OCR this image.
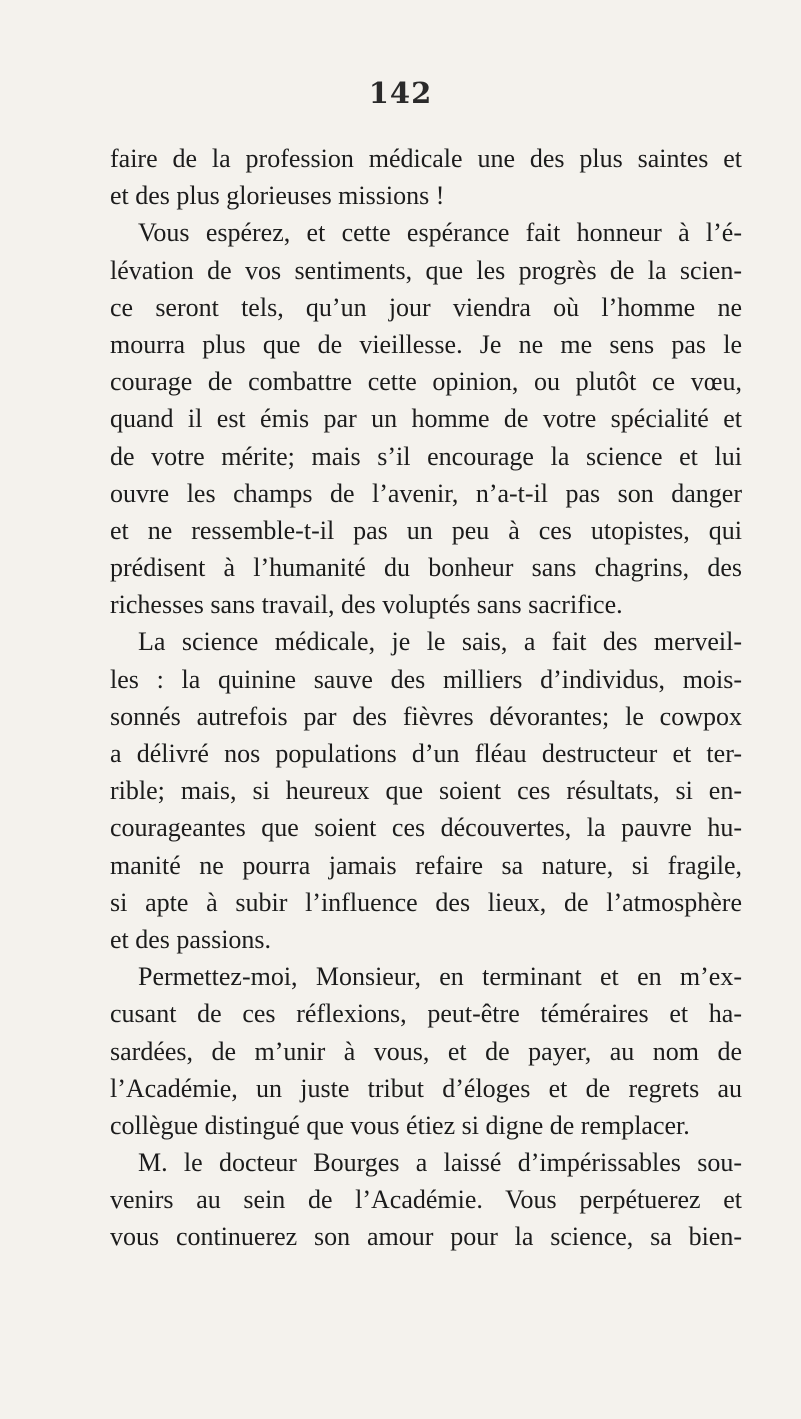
142
faire de la profession médicale une des plus saintes et
et des plus glorieuses missions !
Vous espérez, et cette espérance fait honneur à l’é-
lévation de vos sentiments, que les progrès de la scien-
ce seront tels, qu’un jour viendra où l’homme ne
mourra plus que de vieillesse. Je ne me sens pas le
courage de combattre cette opinion, ou plutôt ce vœu,
quand il est émis par un homme de votre spécialité et
de votre mérite; mais s’il encourage la science et lui
ouvre les champs de l’avenir, n’a-t-il pas son danger
et ne ressemble-t-il pas un peu à ces utopistes, qui
prédisent à l’humanité du bonheur sans chagrins, des
richesses sans travail, des voluptés sans sacrifice.
La science médicale, je le sais, a fait des merveil-
les : la quinine sauve des milliers d’individus, mois-
sonnés autrefois par des fièvres dévorantes; le cowpox
a délivré nos populations d’un fléau destructeur et ter-
rible; mais, si heureux que soient ces résultats, si en-
courageantes que soient ces découvertes, la pauvre hu-
manité ne pourra jamais refaire sa nature, si fragile,
si apte à subir l’influence des lieux, de l’atmosphère
et des passions.
Permettez-moi, Monsieur, en terminant et en m’ex-
cusant de ces réflexions, peut-être téméraires et ha-
sardées, de m’unir à vous, et de payer, au nom de
l’Académie, un juste tribut d’éloges et de regrets au
collègue distingué que vous étiez si digne de remplacer.
M. le docteur Bourges a laissé d’impérissables sou-
venirs au sein de l’Académie. Vous perpétuerez et
vous continuerez son amour pour la science, sa bien-
